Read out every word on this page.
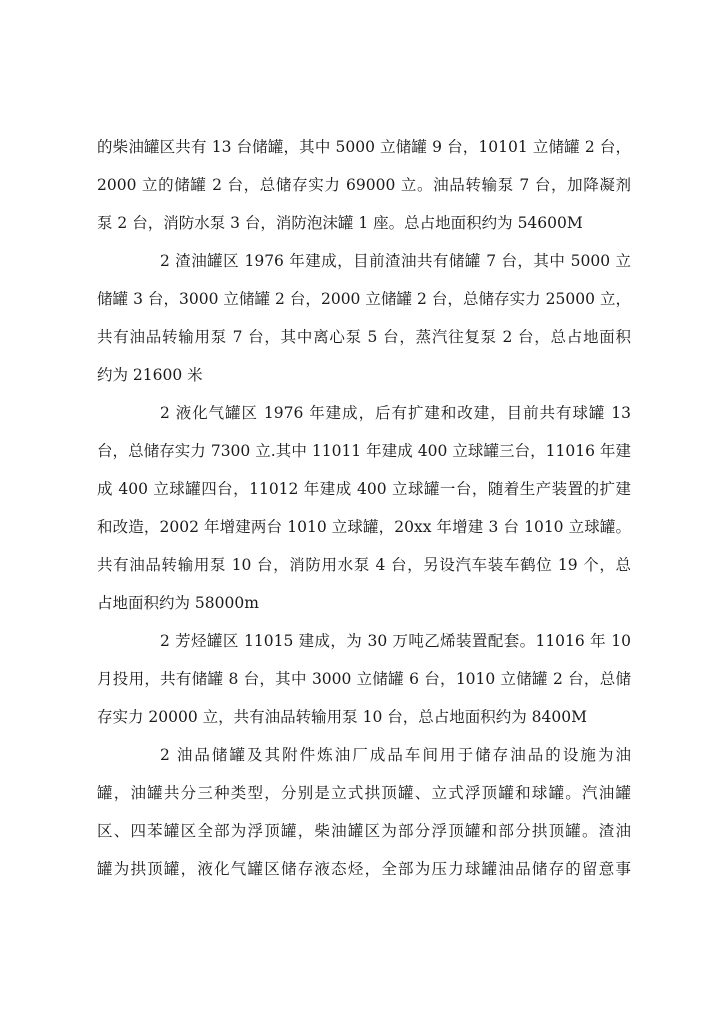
的柴油罐区共有 13 台储罐，其中 5000 立储罐 9 台，10101 立储罐 2 台，
2000 立的储罐 2 台，总储存实力 69000 立。油品转输泵 7 台，加降凝剂
泵 2 台，消防水泵 3 台，消防泡沫罐 1 座。总占地面积约为 54600M
2 渣油罐区 1976 年建成，目前渣油共有储罐 7 台，其中 5000 立
储罐 3 台，3000 立储罐 2 台，2000 立储罐 2 台，总储存实力 25000 立，
共有油品转输用泵 7 台，其中离心泵 5 台，蒸汽往复泵 2 台，总占地面积
约为 21600 米
2 液化气罐区 1976 年建成，后有扩建和改建，目前共有球罐 13
台，总储存实力 7300 立.其中 11011 年建成 400 立球罐三台，11016 年建
成 400 立球罐四台，11012 年建成 400 立球罐一台，随着生产装置的扩建
和改造，2002 年增建两台 1010 立球罐，20xx 年增建 3 台 1010 立球罐。
共有油品转输用泵 10 台，消防用水泵 4 台，另设汽车装车鹤位 19 个，总
占地面积约为 58000m
2 芳烃罐区 11015 建成，为 30 万吨乙烯装置配套。11016 年 10
月投用，共有储罐 8 台，其中 3000 立储罐 6 台，1010 立储罐 2 台，总储
存实力 20000 立，共有油品转输用泵 10 台，总占地面积约为 8400M
2 油品储罐及其附件炼油厂成品车间用于储存油品的设施为油
罐，油罐共分三种类型，分别是立式拱顶罐、立式浮顶罐和球罐。汽油罐
区、四苯罐区全部为浮顶罐，柴油罐区为部分浮顶罐和部分拱顶罐。渣油
罐为拱顶罐，液化气罐区储存液态烃，全部为压力球罐油品储存的留意事
